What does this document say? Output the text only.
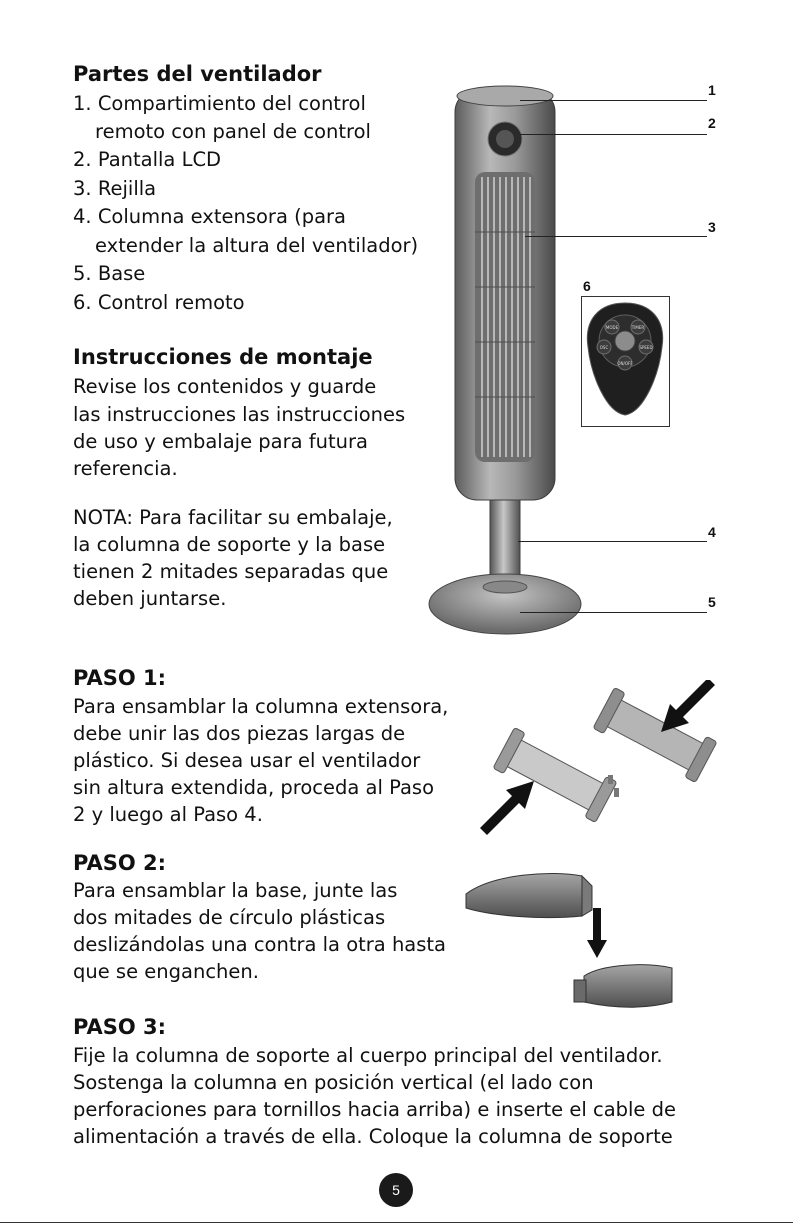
Partes del ventilador
1. Compartimiento del control
remoto con panel de control
2. Pantalla LCD
3. Rejilla
4. Columna extensora (para
extender la altura del ventilador)
5. Base
6. Control remoto
Instrucciones de montaje
Revise los contenidos y guarde
las instrucciones las instrucciones
de uso y embalaje para futura
referencia.
NOTA: Para facilitar su embalaje,
la columna de soporte y la base
tienen 2 mitades separadas que
deben juntarse.
1
2
3
6
4
5
MODE	TIMER
OSC	SPEED
ON/OFF
PASO 1:
Para ensamblar la columna extensora,
debe unir las dos piezas largas de
plástico. Si desea usar el ventilador
sin altura extendida, proceda al Paso
2 y luego al Paso 4.
PASO 2:
Para ensamblar la base, junte las
dos mitades de círculo plásticas
deslizándolas una contra la otra hasta
que se enganchen.
PASO 3:
Fije la columna de soporte al cuerpo principal del ventilador.
Sostenga la columna en posición vertical (el lado con
perforaciones para tornillos hacia arriba) e inserte el cable de
alimentación a través de ella. Coloque la columna de soporte
5
